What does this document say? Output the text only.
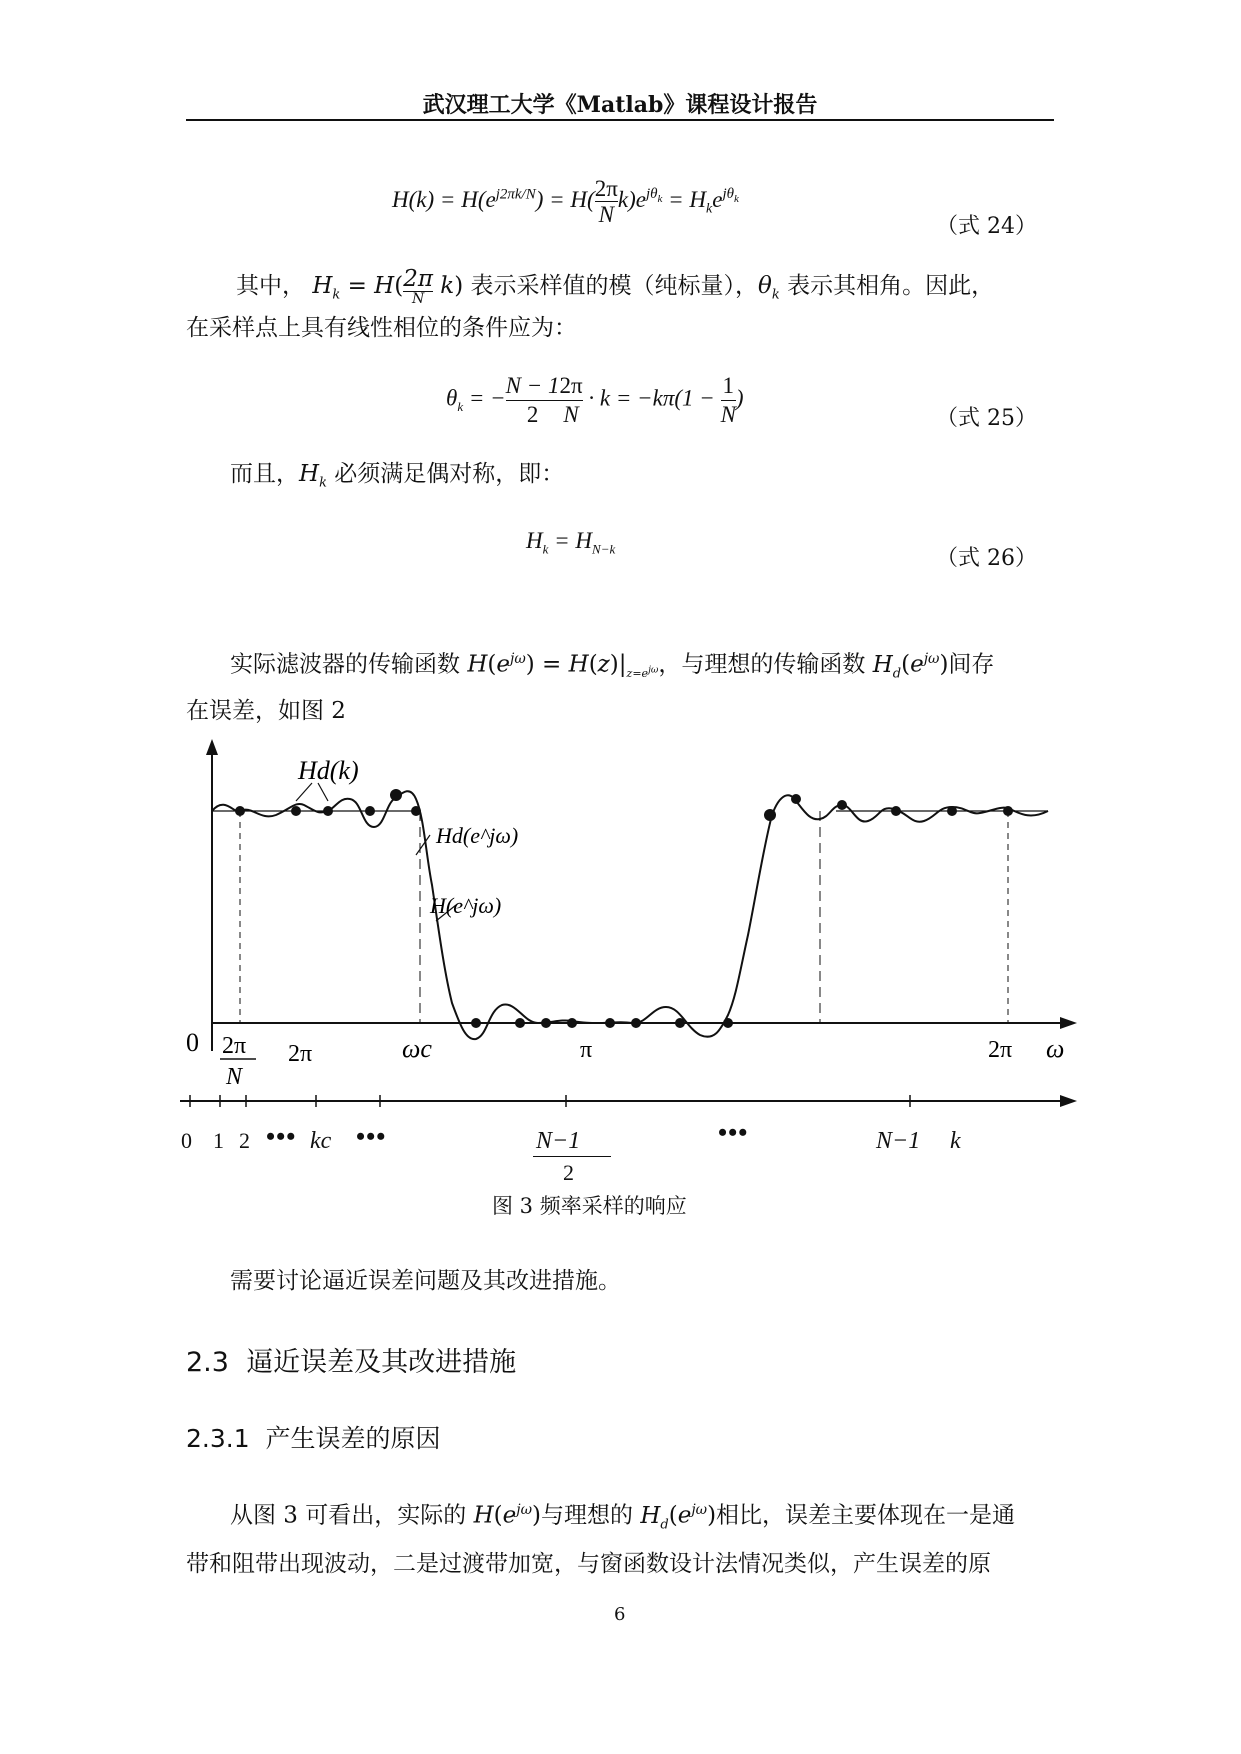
武汉理工大学《Matlab》课程设计报告
$H(k) = H(e^{j2\pi k/N}) = H( \frac{2\pi}{N} k)e^{j\theta_k} = H_ke^{j\theta_k}$
（式 24）
其中， $H_k = H$( 2π
N
k) 表示采样值的模（纯标量），$\theta_k$ 表示其相角。因此，
在采样点上具有线性相位的条件应为：
$\theta_k$ = − $\frac{N - 1}{2} \frac{2\pi}{N} \cdot k = -k\pi(1 - \frac{1}{N}$ )
（式 25）
而且，$H_k$ 必须满足偶对称，即：
$H_k = H_{N-k}$	（式 26）
实际滤波器的传输函数 $H(e^{j\omega}) = H(z)|_{z=e^{j\omega}}$，与理想的传输函数 $H_d(e^{j\omega})$间存
在误差，如图 2
Hd(k)
Hd(e^jω)
H(e^jω)
0 2π
N
2π	ωc	π	2π ω
0 1 2 ••• kc •••	•••
N−1
2
N−1 k
图 3 频率采样的响应
需要讨论逼近误差问题及其改进措施。
2.3 逼近误差及其改进措施
2.3.1 产生误差的原因
从图 3 可看出，实际的 $H(e^{j\omega})$与理想的 $H_d(e^{j\omega})$相比，误差主要体现在一是通
带和阻带出现波动，二是过渡带加宽，与窗函数设计法情况类似，产生误差的原
6
